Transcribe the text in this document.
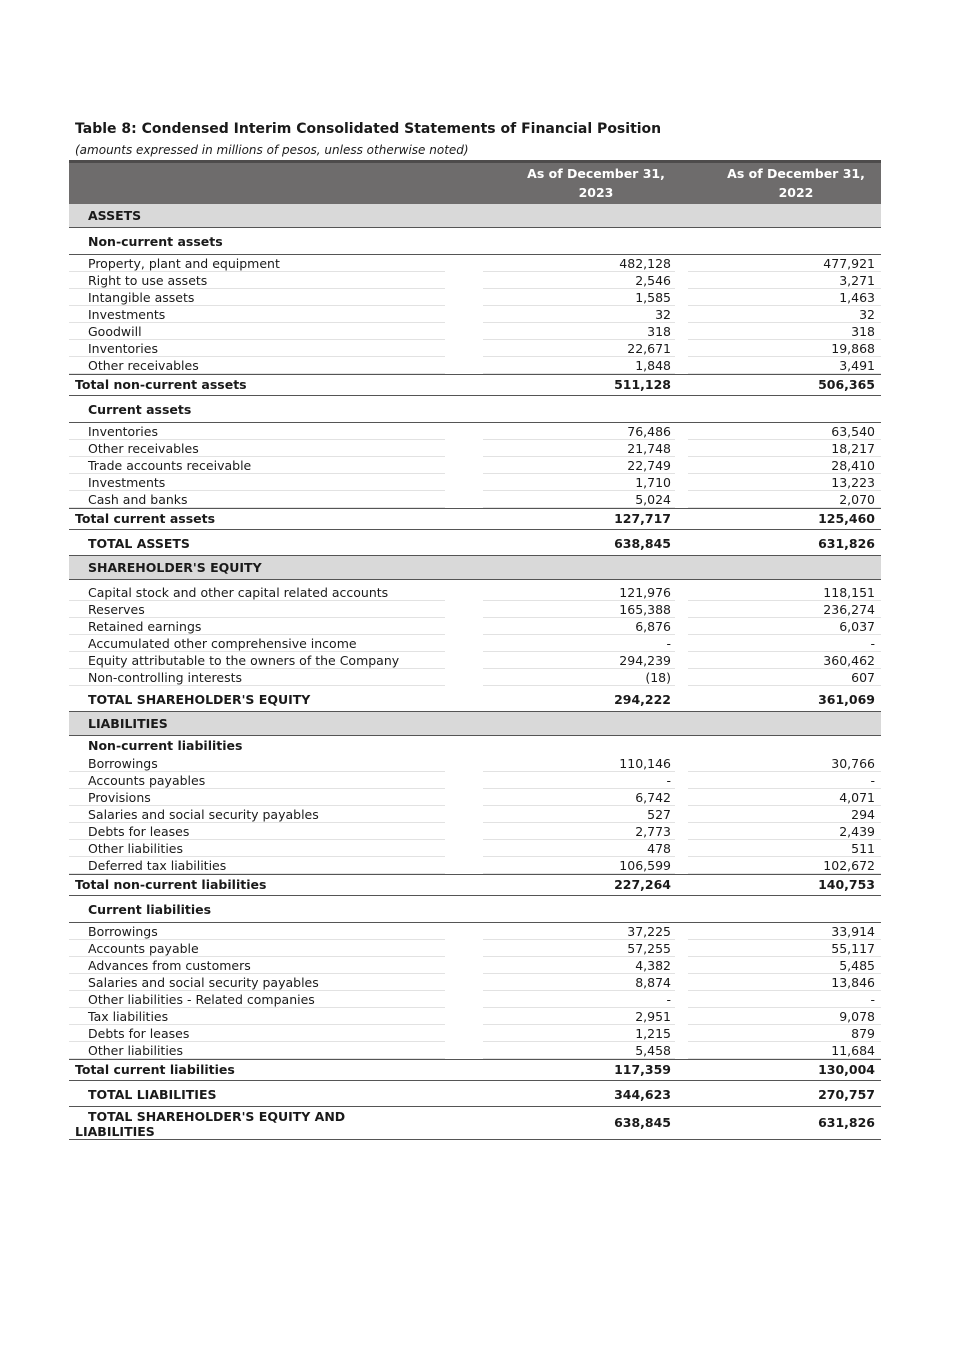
Table 8: Condensed Interim Consolidated Statements of Financial Position
(amounts expressed in millions of pesos, unless otherwise noted)
As of December 31,
2023
As of December 31,
2022
ASSETS
Non-current assets
Property, plant and equipment	482,128	477,921
Right to use assets	2,546	3,271
Intangible assets	1,585	1,463
Investments	32	32
Goodwill	318	318
Inventories	22,671	19,868
Other receivables	1,848	3,491
Total non-current assets	511,128	506,365
Current assets
Inventories	76,486	63,540
Other receivables	21,748	18,217
Trade accounts receivable	22,749	28,410
Investments	1,710	13,223
Cash and banks	5,024	2,070
Total current assets	127,717	125,460
TOTAL ASSETS	638,845	631,826
SHAREHOLDER'S EQUITY
Capital stock and other capital related accounts	121,976	118,151
Reserves	165,388	236,274
Retained earnings	6,876	6,037
Accumulated other comprehensive income	-	-
Equity attributable to the owners of the Company	294,239	360,462
Non-controlling interests	(18)	607
TOTAL SHAREHOLDER'S EQUITY	294,222	361,069
LIABILITIES
Non-current liabilities
Borrowings	110,146	30,766
Accounts payables	-	-
Provisions	6,742	4,071
Salaries and social security payables	527	294
Debts for leases	2,773	2,439
Other liabilities	478	511
Deferred tax liabilities	106,599	102,672
Total non-current liabilities	227,264	140,753
Current liabilities
Borrowings	37,225	33,914
Accounts payable	57,255	55,117
Advances from customers	4,382	5,485
Salaries and social security payables	8,874	13,846
Other liabilities - Related companies	-	-
Tax liabilities	2,951	9,078
Debts for leases	1,215	879
Other liabilities	5,458	11,684
Total current liabilities	117,359	130,004
TOTAL LIABILITIES	344,623	270,757
TOTAL SHAREHOLDER'S EQUITY AND
LIABILITIES
638,845	631,826
